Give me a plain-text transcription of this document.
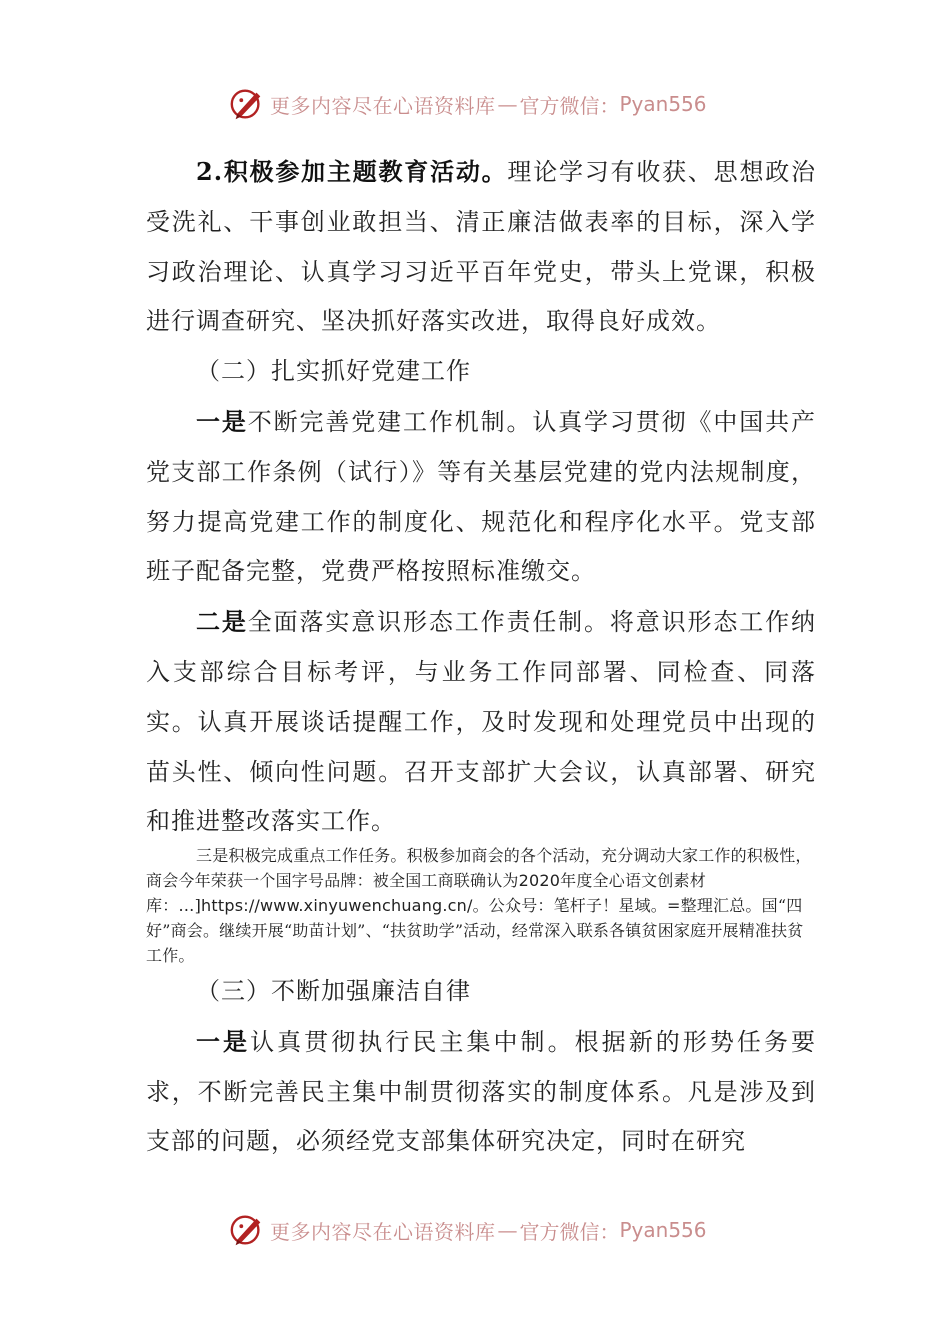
更多内容尽在心语资料库 — 官方微信： Pyan556

2.积极参加主题教育活动。理论学习有收获、思想政治受洗礼、干事创业敢担当、清正廉洁做表率的目标，深入学习政治理论、认真学习习近平百年党史，带头上党课，积极进行调查研究、坚决抓好落实改进，取得良好成效。

（二）扎实抓好党建工作

一是不断完善党建工作机制。认真学习贯彻《中国共产党支部工作条例（试行）》等有关基层党建的党内法规制度，努力提高党建工作的制度化、规范化和程序化水平。党支部班子配备完整，党费严格按照标准缴交。

二是全面落实意识形态工作责任制。将意识形态工作纳入支部综合目标考评，与业务工作同部署、同检查、同落实。认真开展谈话提醒工作，及时发现和处理党员中出现的苗头性、倾向性问题。召开支部扩大会议，认真部署、研究和推进整改落实工作。

三是积极完成重点工作任务。积极参加商会的各个活动，充分调动大家工作的积极性，商会今年荣获一个国字号品牌：被全国工商联确认为2020年度全心语文创素材库：…]https://www.xinyuwenchuang.cn/。公众号：笔杆子！星域。=整理汇总。国“四好”商会。继续开展“助苗计划”、“扶贫助学”活动，经常深入联系各镇贫困家庭开展精准扶贫工作。

（三）不断加强廉洁自律

一是认真贯彻执行民主集中制。根据新的形势任务要求，不断完善民主集中制贯彻落实的制度体系。凡是涉及到支部的问题，必须经党支部集体研究决定，同时在研究

更多内容尽在心语资料库 — 官方微信： Pyan556
